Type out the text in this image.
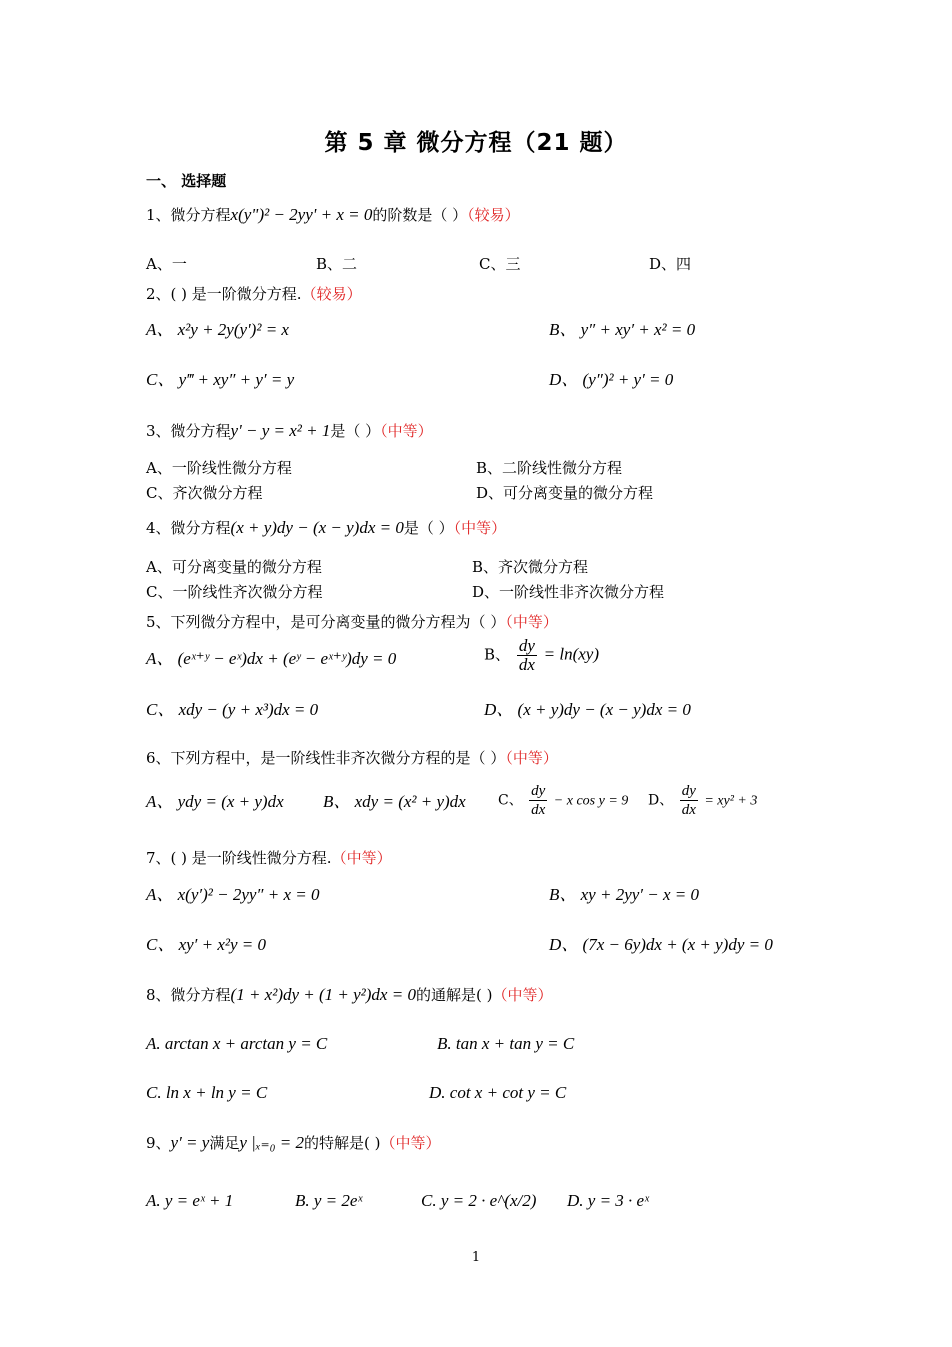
第 5 章 微分方程（21 题）
一、 选择题
1、微分方程x(y")² − 2yy' + x = 0的阶数是（ ）（较易）
A、一	B、二	C、三	D、四
2、( ) 是一阶微分方程.（较易）
A、 x²y + 2y(y')² = x	B、 y″ + xy′ + x² = 0
C、 y‴ + xy″ + y′ = y	D、 (y″)² + y′ = 0
3、微分方程y' − y = x² + 1是（ ）（中等）
A、一阶线性微分方程	B、二阶线性微分方程
C、齐次微分方程	D、可分离变量的微分方程
4、微分方程(x + y)dy − (x − y)dx = 0是（ ）（中等）
A、可分离变量的微分方程	B、齐次微分方程
C、一阶线性齐次微分方程	D、一阶线性非齐次微分方程
5、下列微分方程中，是可分离变量的微分方程为（ ）（中等）
A、 (eˣ⁺ʸ − eˣ)dx + (eʸ − eˣ⁺ʸ)dy = 0	B、 $\frac{dy}{dx} = \ln(xy)$
C、 xdy − (y + x³)dx = 0	D、 (x + y)dy − (x − y)dx = 0
6、下列方程中，是一阶线性非齐次微分方程的是（ ）（中等）
A、 ydy = (x + y)dx B、 xdy = (x² + y)dx C、 $\frac{dy}{dx} - x$ cos y = 9 D、 $\frac{dy}{dx} = xy^2 + 3$
7、( ) 是一阶线性微分方程.（中等）
A、 x(y′)² − 2yy″ + x = 0	B、 xy + 2yy′ − x = 0
C、 xy′ + x²y = 0	D、 (7x − 6y)dx + (x + y)dy = 0
8、微分方程(1 + x²)dy + (1 + y²)dx = 0的通解是( )（中等）
A. arctan x + arctan y = C	B. tan x + tan y = C
C. ln x + ln y = C	D. cot x + cot y = C
9、y′ = y满足y |ₓ₌₀ = 2的特解是( )（中等）
A. y = eˣ + 1	B. y = 2eˣ	C. y = 2 · e^(x/2) D. y = 3 · eˣ
1
